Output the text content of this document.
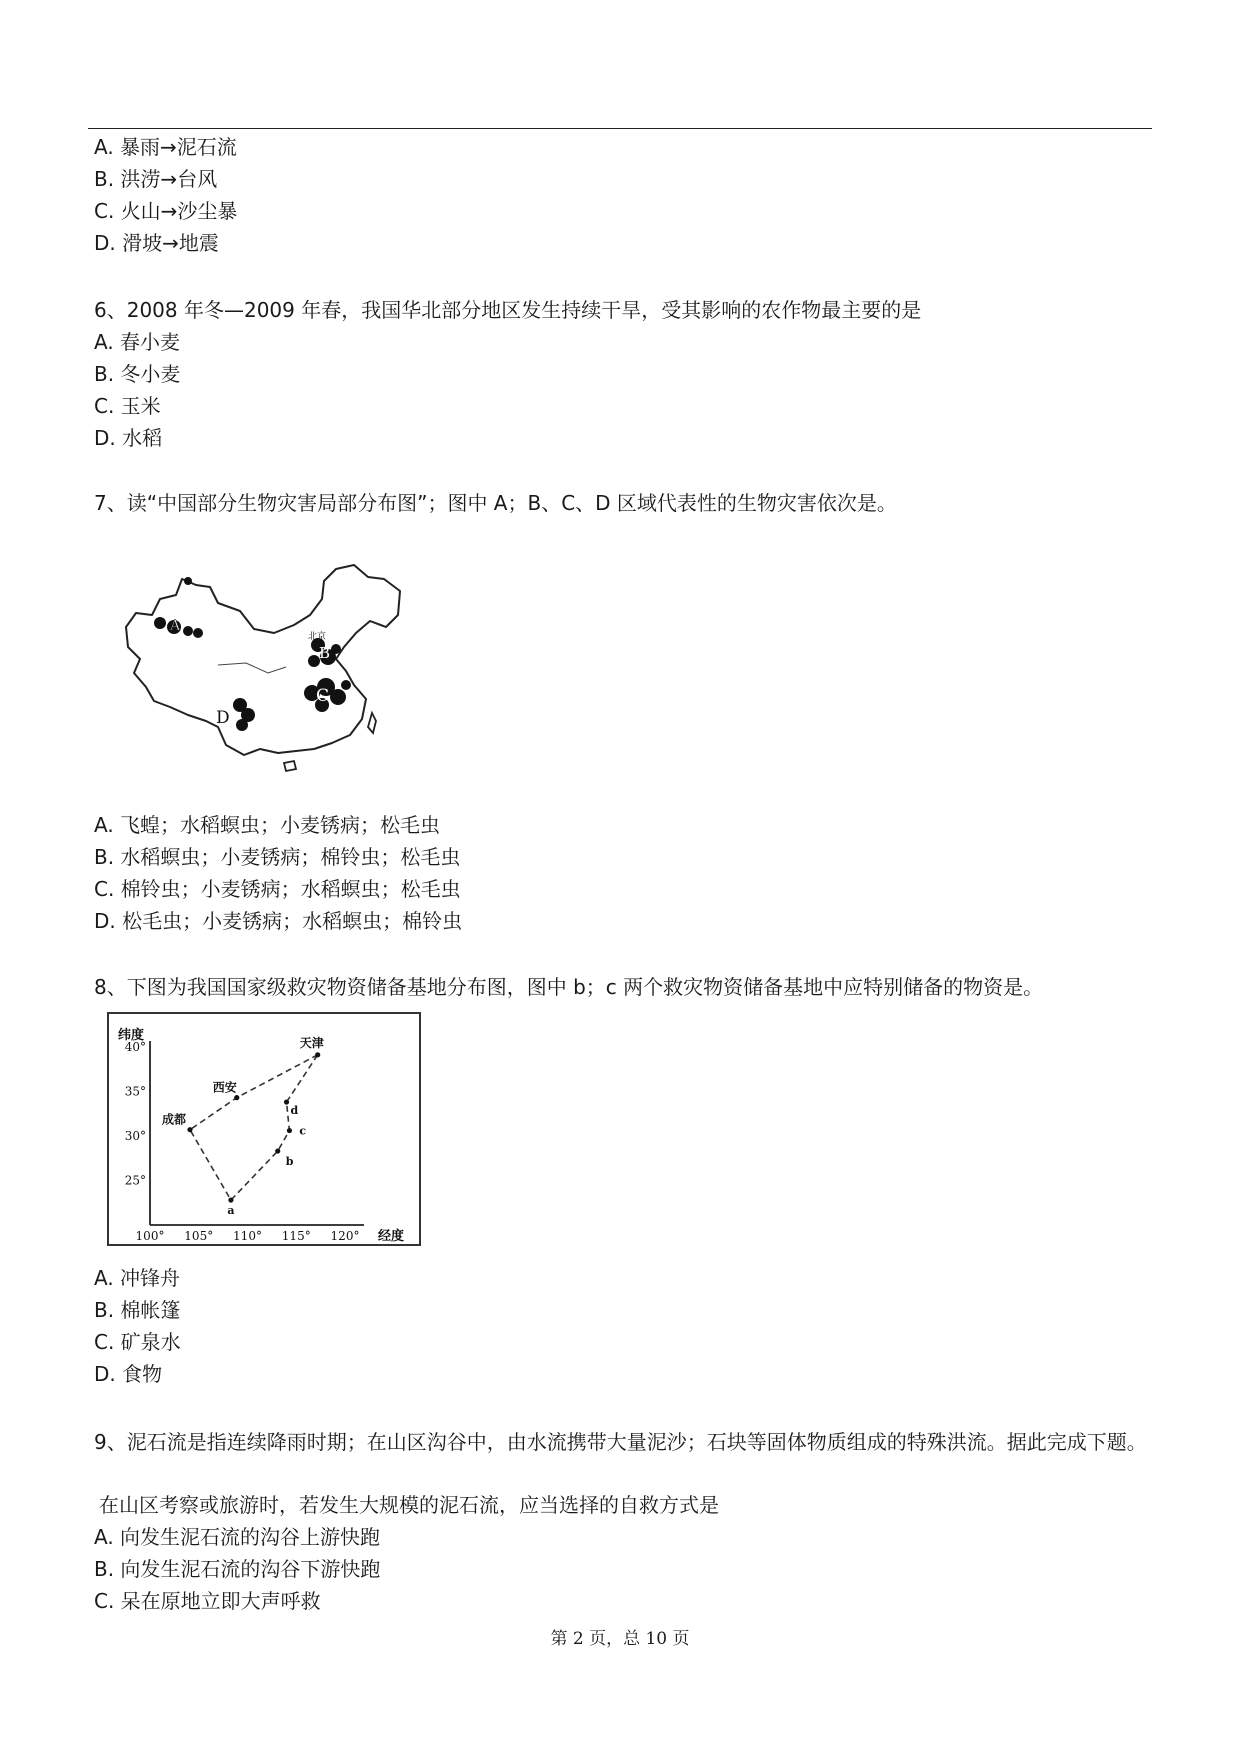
A. 暴雨→泥石流
B. 洪涝→台风
C. 火山→沙尘暴
D. 滑坡→地震
6、2008 年冬—2009 年春，我国华北部分地区发生持续干旱，受其影响的农作物最主要的是
A. 春小麦
B. 冬小麦
C. 玉米
D. 水稻
7、读“中国部分生物灾害局部分布图”；图中 A；B、C、D 区域代表性的生物灾害依次是。
A
B
C
D
北京
A. 飞蝗；水稻螟虫；小麦锈病；松毛虫
B. 水稻螟虫；小麦锈病；棉铃虫；松毛虫
C. 棉铃虫；小麦锈病；水稻螟虫；松毛虫
D. 松毛虫；小麦锈病；水稻螟虫；棉铃虫
8、下图为我国国家级救灾物资储备基地分布图，图中 b；c 两个救灾物资储备基地中应特别储备的物资是。
纬度
经度
100° 105° 110° 115° 120°
40°
35°
30°
25°
天津
西安
成都
a
b
c
d
A. 冲锋舟
B. 棉帐篷
C. 矿泉水
D. 食物
9、泥石流是指连续降雨时期；在山区沟谷中，由水流携带大量泥沙；石块等固体物质组成的特殊洪流。据此完成下题。
在山区考察或旅游时，若发生大规模的泥石流，应当选择的自救方式是
A. 向发生泥石流的沟谷上游快跑
B. 向发生泥石流的沟谷下游快跑
C. 呆在原地立即大声呼救
第 2 页，总 10 页
